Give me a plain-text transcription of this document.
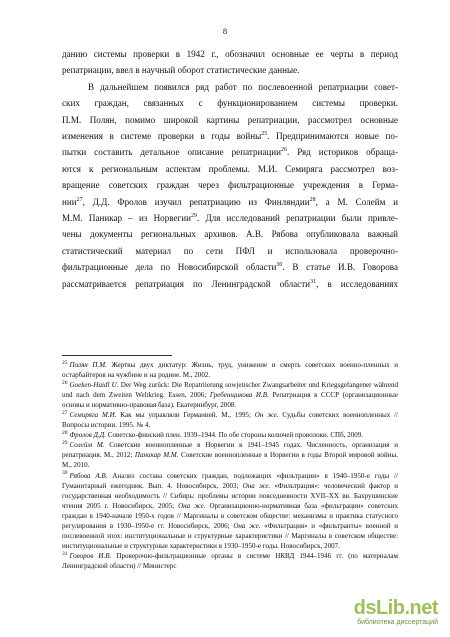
8

данию системы проверки в 1942 г., обозначил основные ее черты в период
репатриации, ввел в научный оборот статистические данные.

В дальнейшем появился ряд работ по послевоенной репатриации совет-
ских граждан, связанных с функционированием системы проверки.
П.М. Полян, помимо широкой картины репатриации, рассмотрел основные
изменения в системе проверки в годы войны$^{25}$. Предпринимаются новые по-
пытки составить детальное описание репатриации$^{26}$. Ряд историков обраща-
ются к региональным аспектам проблемы. М.И. Семиряга рассмотрел воз-
вращение советских граждан через фильтрационные учреждения в Герма-
нии$^{27}$, Д.Д. Фролов изучил репатриацию из Финляндии$^{28}$, а М. Солейм и
М.М. Паникар – из Норвегии$^{29}$. Для исследований репатриации были привле-
чены документы региональных архивов. А.В. Рябова опубликовала важный
статистический материал по сети ПФЛ и использовала проверочно-
фильтрационные дела по Новосибирской области$^{30}$. В статье И.В. Говорова
рассматривается репатриация по Ленинградской области$^{31}$, в исследованиях

$^{25}$ Полян П.М. Жертвы двух диктатур: Жизнь, труд, унижение и смерть советских военно-пленных и остарбайтеров на чужбине и на родине. М., 2002.

$^{26}$ Goeken-Haidl U. Der Weg zurück: Die Repatriierung sowjetischer Zwangsarbeiter und Kriegsgefangener während und nach dem Zweiten Weltkrieg. Essen, 2006; Гребенщикова И.В. Репатриация в СССР (организационные основы и нормативно-правовая база). Екатеринбург, 2008.

$^{27}$ Семиряга М.И. Как мы управляли Германией. М., 1995; Он же. Судьбы советских военнопленных // Вопросы истории. 1995. № 4.

$^{28}$ Фролов Д.Д. Советско-финский плен. 1939–1944. По обе стороны колючей проволоки. СПб, 2009.

$^{29}$ Солейм М. Советские военнопленные в Норвегии в 1941–1945 годах. Численность, организация и репатриация. М., 2012; Паникар М.М. Советские военнопленные в Норвегии в годы Второй мировой войны. М., 2010.

$^{30}$ Рябова А.В. Анализ состава советских граждан, подлежащих «фильтрации» в 1940–1950-е годы // Гуманитарный ежегодник. Вып. 4. Новосибирск, 2003; Она же. «Фильтрация»: человеческий фактор и государственная необходимость // Сибирь: проблемы истории повседневности XVII–XX вв. Бахрушинские чтения 2005 г. Новосибирск, 2005; Она же. Организационно-нормативная база «фильтрации» советских граждан в 1940-начале 1950-х годов // Маргиналы в советском обществе: механизмы и практика статусного регулирования в 1930–1950-е гг. Новосибирск, 2006; Она же. «Фильтрация» и «фильтранты» военной и послевоенной эпох: институциональные и структурные характеристики // Маргиналы в советском обществе: институциональные и структурные характеристики в 1930–1950-е годы. Новосибирск, 2007.

$^{31}$ Говоров И.В. Проверочно-фильтрационные органы в системе НКВД 1944–1946 гг. (по материалам Ленинградской области) // Министерс

dsLib.net
библиотека диссертаций
